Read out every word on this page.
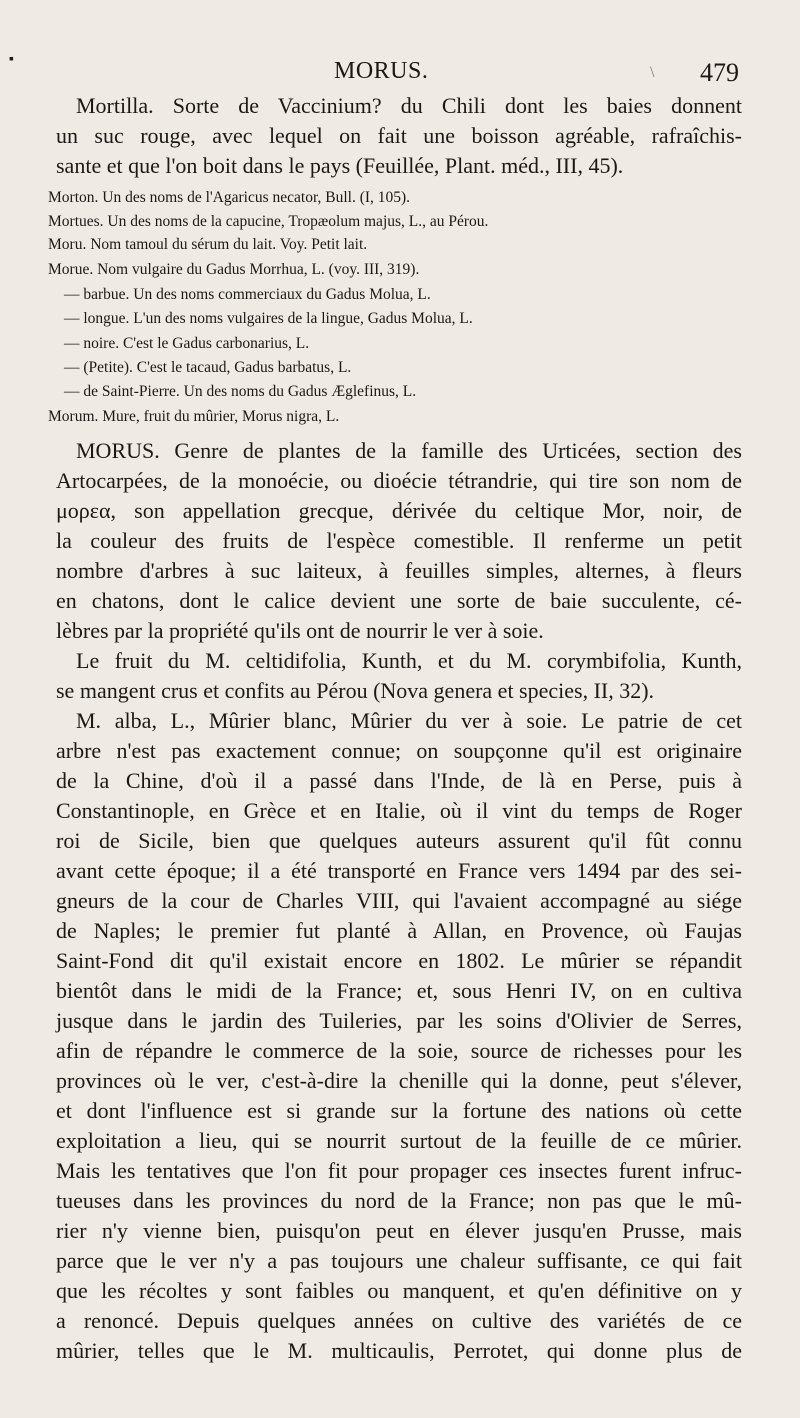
▪	MORUS.	\ 479
Mortilla. Sorte de Vaccinium? du Chili dont les baies donnent
un suc rouge, avec lequel on fait une boisson agréable, rafraîchis-
sante et que l'on boit dans le pays (Feuillée, Plant. méd., III, 45).
Morton. Un des noms de l'Agaricus necator, Bull. (I, 105).
Mortues. Un des noms de la capucine, Tropæolum majus, L., au Pérou.
Moru. Nom tamoul du sérum du lait. Voy. Petit lait.
Morue. Nom vulgaire du Gadus Morrhua, L. (voy. III, 319).
— barbue. Un des noms commerciaux du Gadus Molua, L.
— longue. L'un des noms vulgaires de la lingue, Gadus Molua, L.
— noire. C'est le Gadus carbonarius, L.
— (Petite). C'est le tacaud, Gadus barbatus, L.
— de Saint-Pierre. Un des noms du Gadus Æglefinus, L.
Morum. Mure, fruit du mûrier, Morus nigra, L.
MORUS. Genre de plantes de la famille des Urticées, section des
Artocarpées, de la monoécie, ou dioécie tétrandrie, qui tire son nom de
μορεα, son appellation grecque, dérivée du celtique Mor, noir, de
la couleur des fruits de l'espèce comestible. Il renferme un petit
nombre d'arbres à suc laiteux, à feuilles simples, alternes, à fleurs
en chatons, dont le calice devient une sorte de baie succulente, cé-
lèbres par la propriété qu'ils ont de nourrir le ver à soie.
Le fruit du M. celtidifolia, Kunth, et du M. corymbifolia, Kunth,
se mangent crus et confits au Pérou (Nova genera et species, II, 32).
M. alba, L., Mûrier blanc, Mûrier du ver à soie. Le patrie de cet
arbre n'est pas exactement connue; on soupçonne qu'il est originaire
de la Chine, d'où il a passé dans l'Inde, de là en Perse, puis à
Constantinople, en Grèce et en Italie, où il vint du temps de Roger
roi de Sicile, bien que quelques auteurs assurent qu'il fût connu
avant cette époque; il a été transporté en France vers 1494 par des sei-
gneurs de la cour de Charles VIII, qui l'avaient accompagné au siége
de Naples; le premier fut planté à Allan, en Provence, où Faujas
Saint-Fond dit qu'il existait encore en 1802. Le mûrier se répandit
bientôt dans le midi de la France; et, sous Henri IV, on en cultiva
jusque dans le jardin des Tuileries, par les soins d'Olivier de Serres,
afin de répandre le commerce de la soie, source de richesses pour les
provinces où le ver, c'est-à-dire la chenille qui la donne, peut s'élever,
et dont l'influence est si grande sur la fortune des nations où cette
exploitation a lieu, qui se nourrit surtout de la feuille de ce mûrier.
Mais les tentatives que l'on fit pour propager ces insectes furent infruc-
tueuses dans les provinces du nord de la France; non pas que le mû-
rier n'y vienne bien, puisqu'on peut en élever jusqu'en Prusse, mais
parce que le ver n'y a pas toujours une chaleur suffisante, ce qui fait
que les récoltes y sont faibles ou manquent, et qu'en définitive on y
a renoncé. Depuis quelques années on cultive des variétés de ce
mûrier, telles que le M. multicaulis, Perrotet, qui donne plus de
